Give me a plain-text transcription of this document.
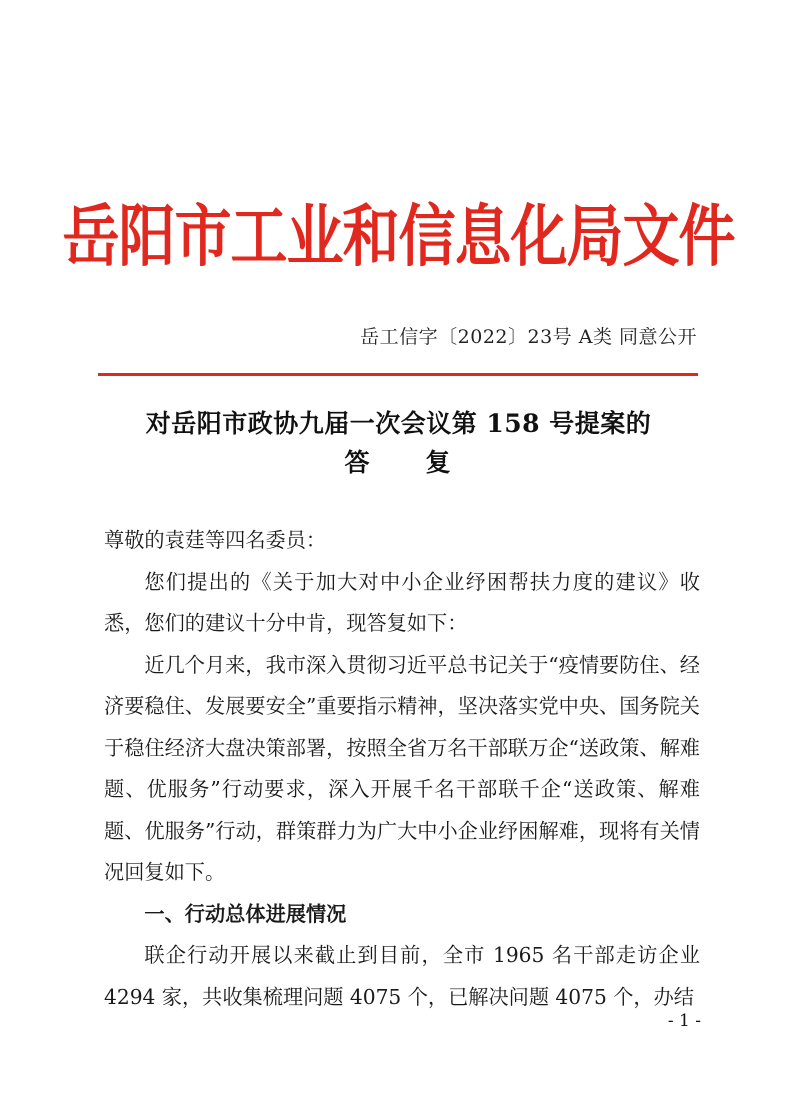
岳阳市工业和信息化局文件
岳工信字〔2022〕23号 A类 同意公开
对岳阳市政协九届一次会议第 158 号提案的
答　　复

尊敬的袁莛等四名委员：

您们提出的《关于加大对中小企业纾困帮扶力度的建议》收悉，您们的建议十分中肯，现答复如下：

近几个月来，我市深入贯彻习近平总书记关于“疫情要防住、经济要稳住、发展要安全”重要指示精神，坚决落实党中央、国务院关于稳住经济大盘决策部署，按照全省万名干部联万企“送政策、解难题、优服务”行动要求，深入开展千名干部联千企“送政策、解难题、优服务”行动，群策群力为广大中小企业纾困解难，现将有关情况回复如下。

一、行动总体进展情况

联企行动开展以来截止到目前，全市 1965 名干部走访企业 4294 家，共收集梳理问题 4075 个，已解决问题 4075 个，办结

- 1 -
